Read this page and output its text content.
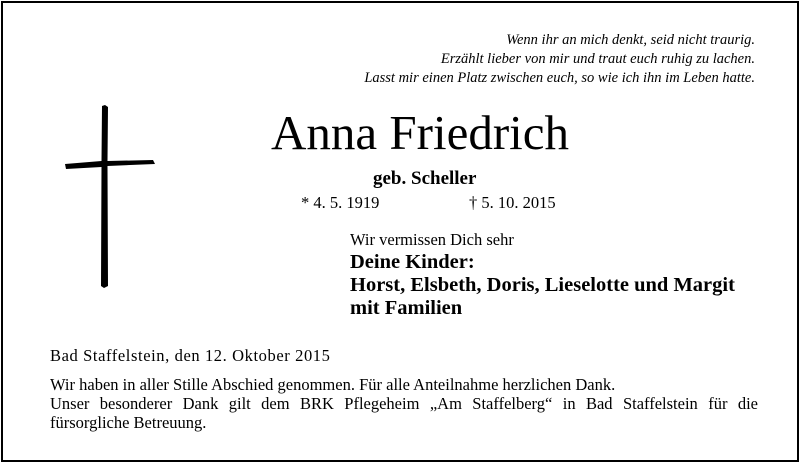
Wenn ihr an mich denkt, seid nicht traurig.
Erzählt lieber von mir und traut euch ruhig zu lachen.
Lasst mir einen Platz zwischen euch, so wie ich ihn im Leben hatte.
Anna Friedrich
geb. Scheller
* 4. 5. 1919	† 5. 10. 2015
Wir vermissen Dich sehr
Deine Kinder:
Horst, Elsbeth, Doris, Lieselotte und Margit
mit Familien
Bad Staffelstein, den 12. Oktober 2015
Wir haben in aller Stille Abschied genommen. Für alle Anteilnahme herzlichen Dank.
Unser besonderer Dank gilt dem BRK Pflegeheim „Am Staffelberg“ in Bad Staffelstein für die
fürsorgliche Betreuung.
